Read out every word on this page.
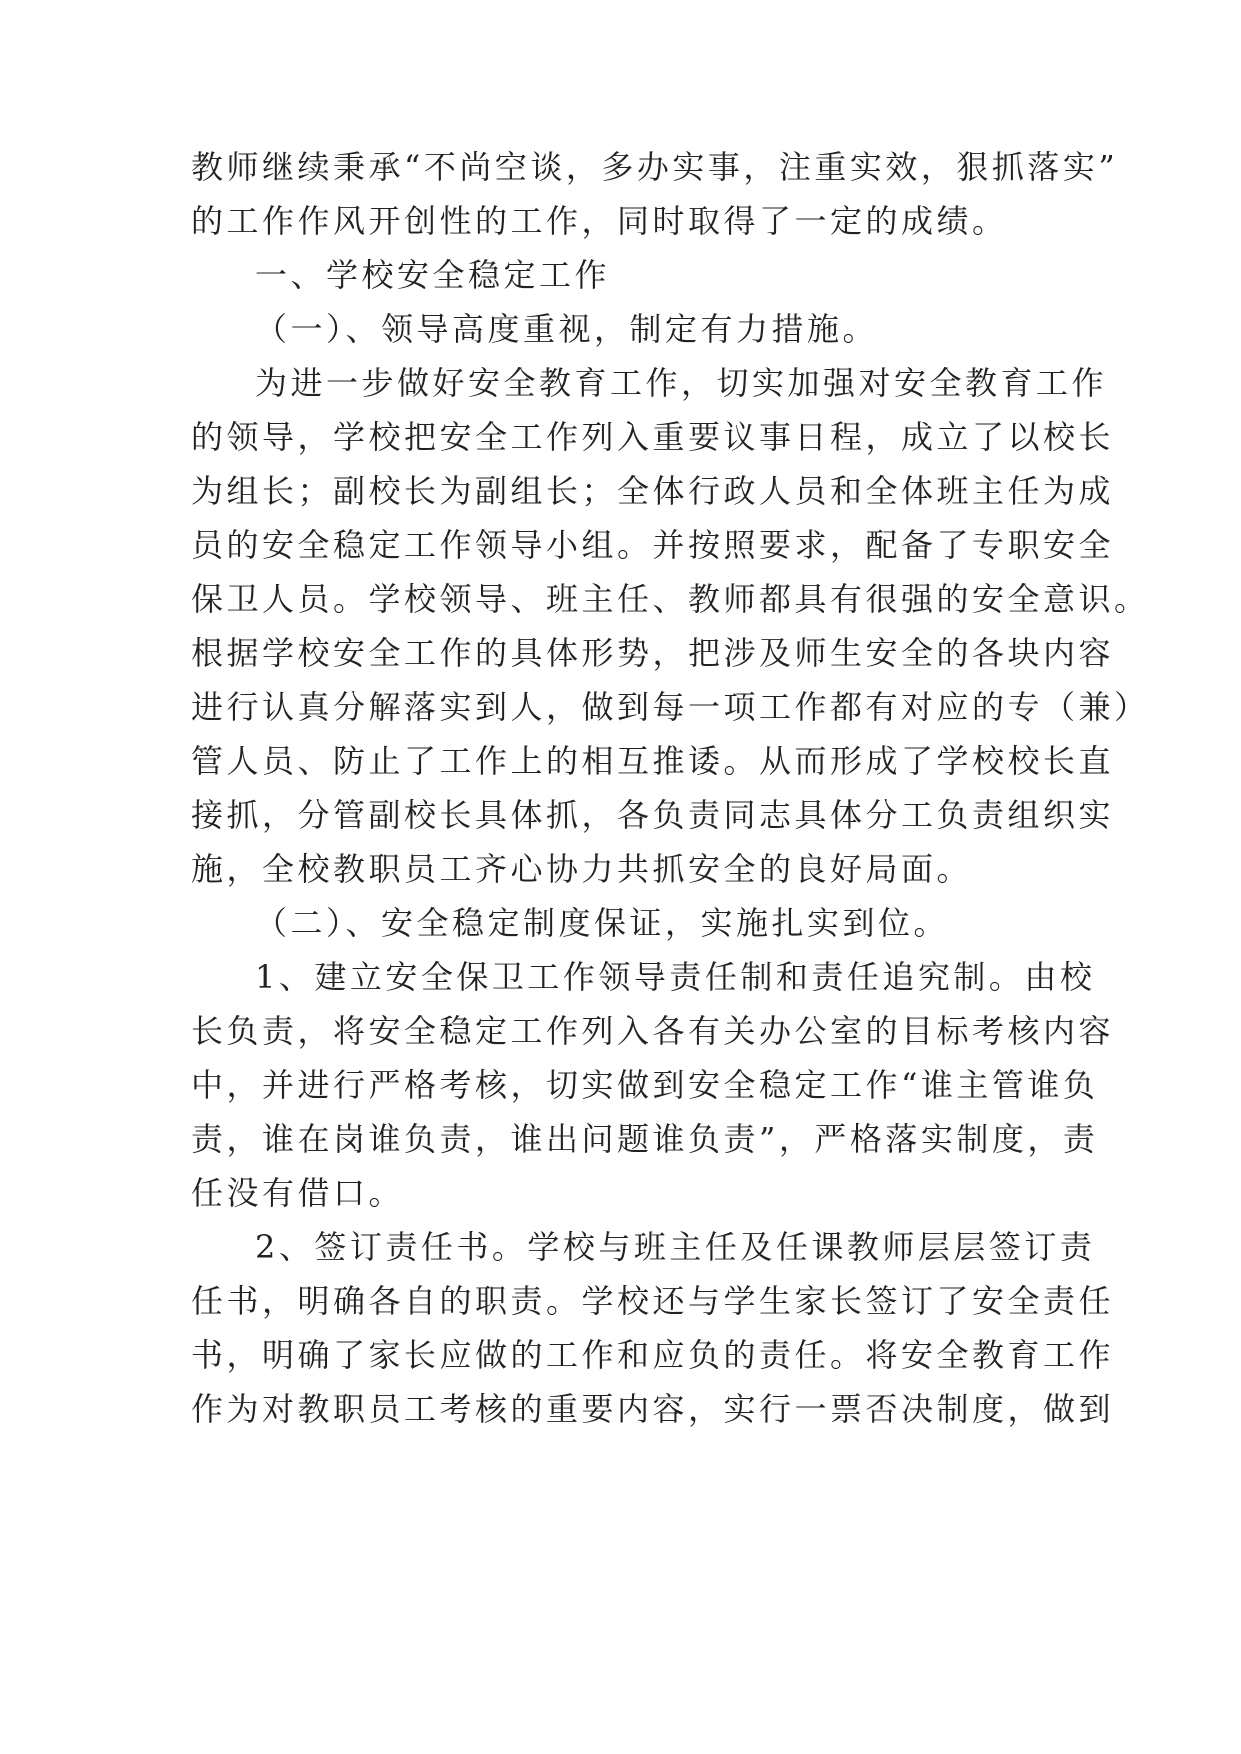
教师继续秉承“不尚空谈，多办实事，注重实效，狠抓落实”
的工作作风开创性的工作，同时取得了一定的成绩。
一、学校安全稳定工作
（一）、领导高度重视，制定有力措施。
为进一步做好安全教育工作，切实加强对安全教育工作
的领导，学校把安全工作列入重要议事日程，成立了以校长
为组长；副校长为副组长；全体行政人员和全体班主任为成
员的安全稳定工作领导小组。并按照要求，配备了专职安全
保卫人员。学校领导、班主任、教师都具有很强的安全意识。
根据学校安全工作的具体形势，把涉及师生安全的各块内容
进行认真分解落实到人，做到每一项工作都有对应的专（兼）
管人员、防止了工作上的相互推诿。从而形成了学校校长直
接抓，分管副校长具体抓，各负责同志具体分工负责组织实
施，全校教职员工齐心协力共抓安全的良好局面。
（二）、安全稳定制度保证，实施扎实到位。
1、建立安全保卫工作领导责任制和责任追究制。由校
长负责，将安全稳定工作列入各有关办公室的目标考核内容
中，并进行严格考核，切实做到安全稳定工作“谁主管谁负
责，谁在岗谁负责，谁出问题谁负责”，严格落实制度，责
任没有借口。
2、签订责任书。学校与班主任及任课教师层层签订责
任书，明确各自的职责。学校还与学生家长签订了安全责任
书，明确了家长应做的工作和应负的责任。将安全教育工作
作为对教职员工考核的重要内容，实行一票否决制度，做到
